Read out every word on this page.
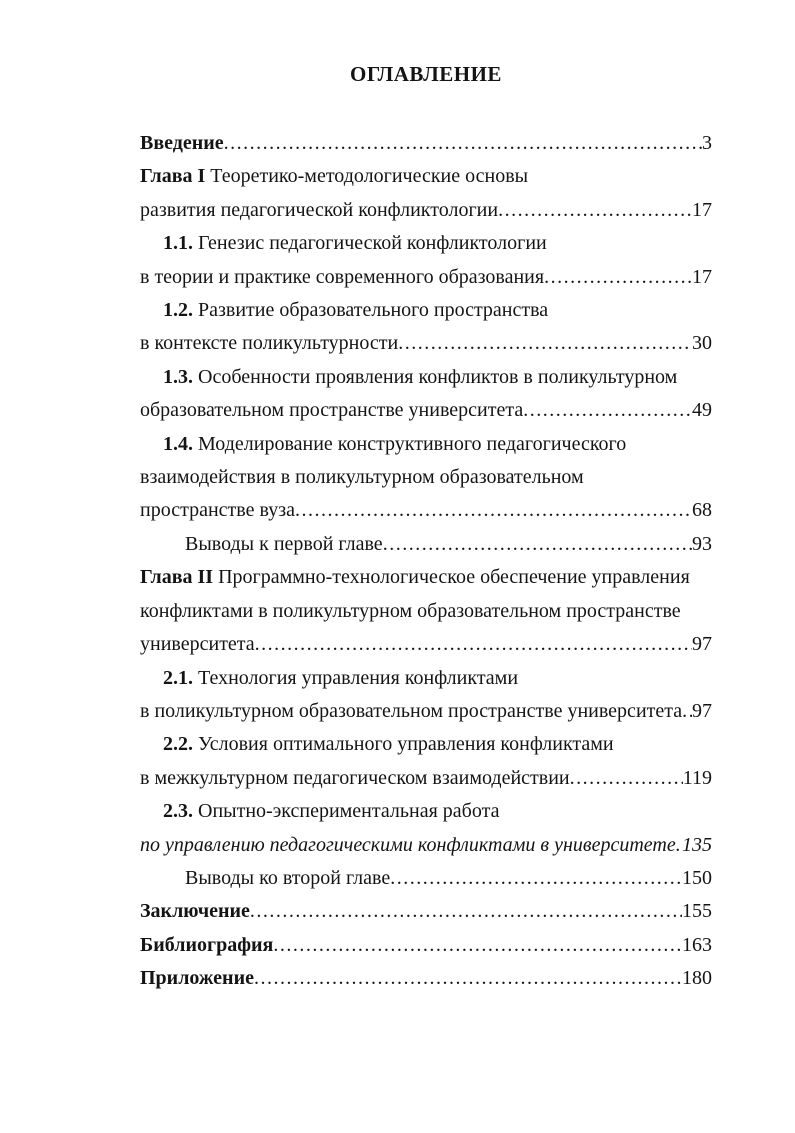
ОГЛАВЛЕНИЕ
Введение .....	3
Глава I Теоретико-методологические основы
развития педагогической конфликтологии .....	17
1.1. Генезис педагогической конфликтологии
в теории и практике современного образования .....	17
1.2. Развитие образовательного пространства
в контексте поликультурности .....	30
1.3. Особенности проявления конфликтов в поликультурном
образовательном пространстве университета .....	49
1.4. Моделирование конструктивного педагогического
взаимодействия в поликультурном образовательном
пространстве вуза .....	68
Выводы к первой главе .....	93
Глава II Программно-технологическое обеспечение управления
конфликтами в поликультурном образовательном пространстве
университета .....	97
2.1. Технология управления конфликтами
в поликультурном образовательном пространстве университета ..... 97
2.2. Условия оптимального управления конфликтами
в межкультурном педагогическом взаимодействии .....	119
2.3. Опытно-экспериментальная работа
по управлению педагогическими конфликтами в университете ..... 135
Выводы ко второй главе .....	150
Заключение .....	155
Библиография .....	163
Приложение .....	180
